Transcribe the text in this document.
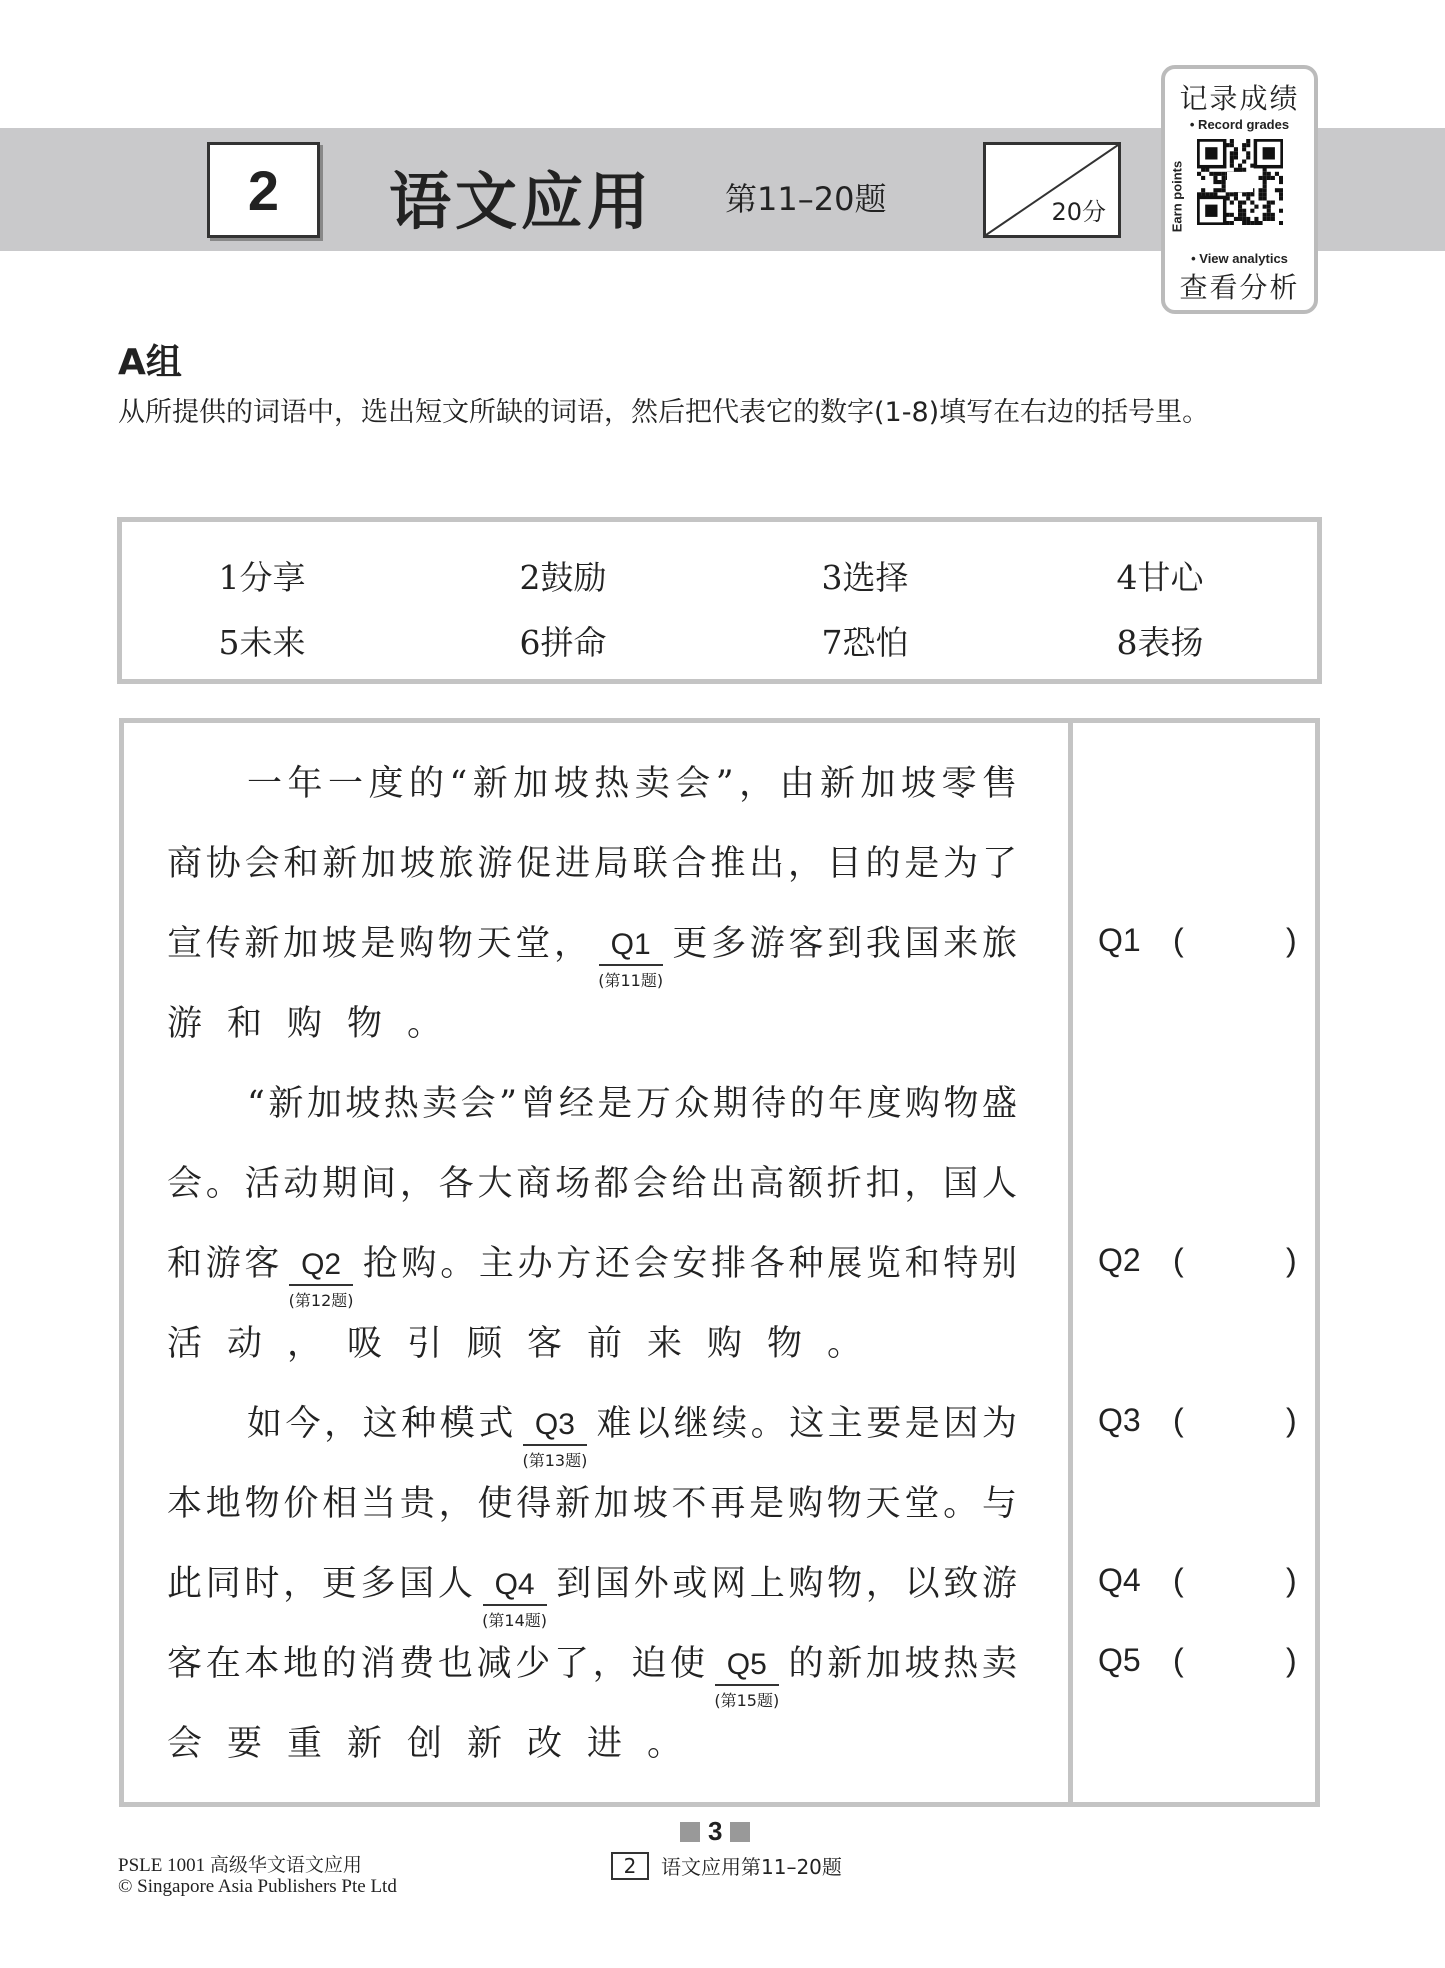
2	语文应用 第11–20题	20分
记录成绩
• Record grades
Earn points
• View analytics
查看分析
A组
从所提供的词语中，选出短文所缺的词语，然后把代表它的数字(1-8)填写在右边的括号里。
1分享	2鼓励	3选择	4甘心
5未来	6拼命	7恐怕	8表扬
一年一度的“新加坡热卖会”，由新加坡零售
商协会和新加坡旅游促进局联合推出，目的是为了
宣传新加坡是购物天堂， Q1
(第11题)
更多游客到我国来旅
游和购物。
“新加坡热卖会”曾经是万众期待的年度购物盛
会。活动期间，各大商场都会给出高额折扣，国人
和游客 Q2
(第12题)
抢购。主办方还会安排各种展览和特别
活动，吸引顾客前来购物。
如今，这种模式 Q3
(第13题)
难以继续。这主要是因为
本地物价相当贵，使得新加坡不再是购物天堂。与
此同时，更多国人 Q4
(第14题)
到国外或网上购物，以致游
客在本地的消费也减少了，迫使 Q5
(第15题)
的新加坡热卖
会要重新创新改进。
Q1 (	)
Q2 (	)
Q3 (	)
Q4 (	)
Q5 (	)
3
PSLE 1001 高级华文语文应用
© Singapore Asia Publishers Pte Ltd
2	语文应用第11–20题
